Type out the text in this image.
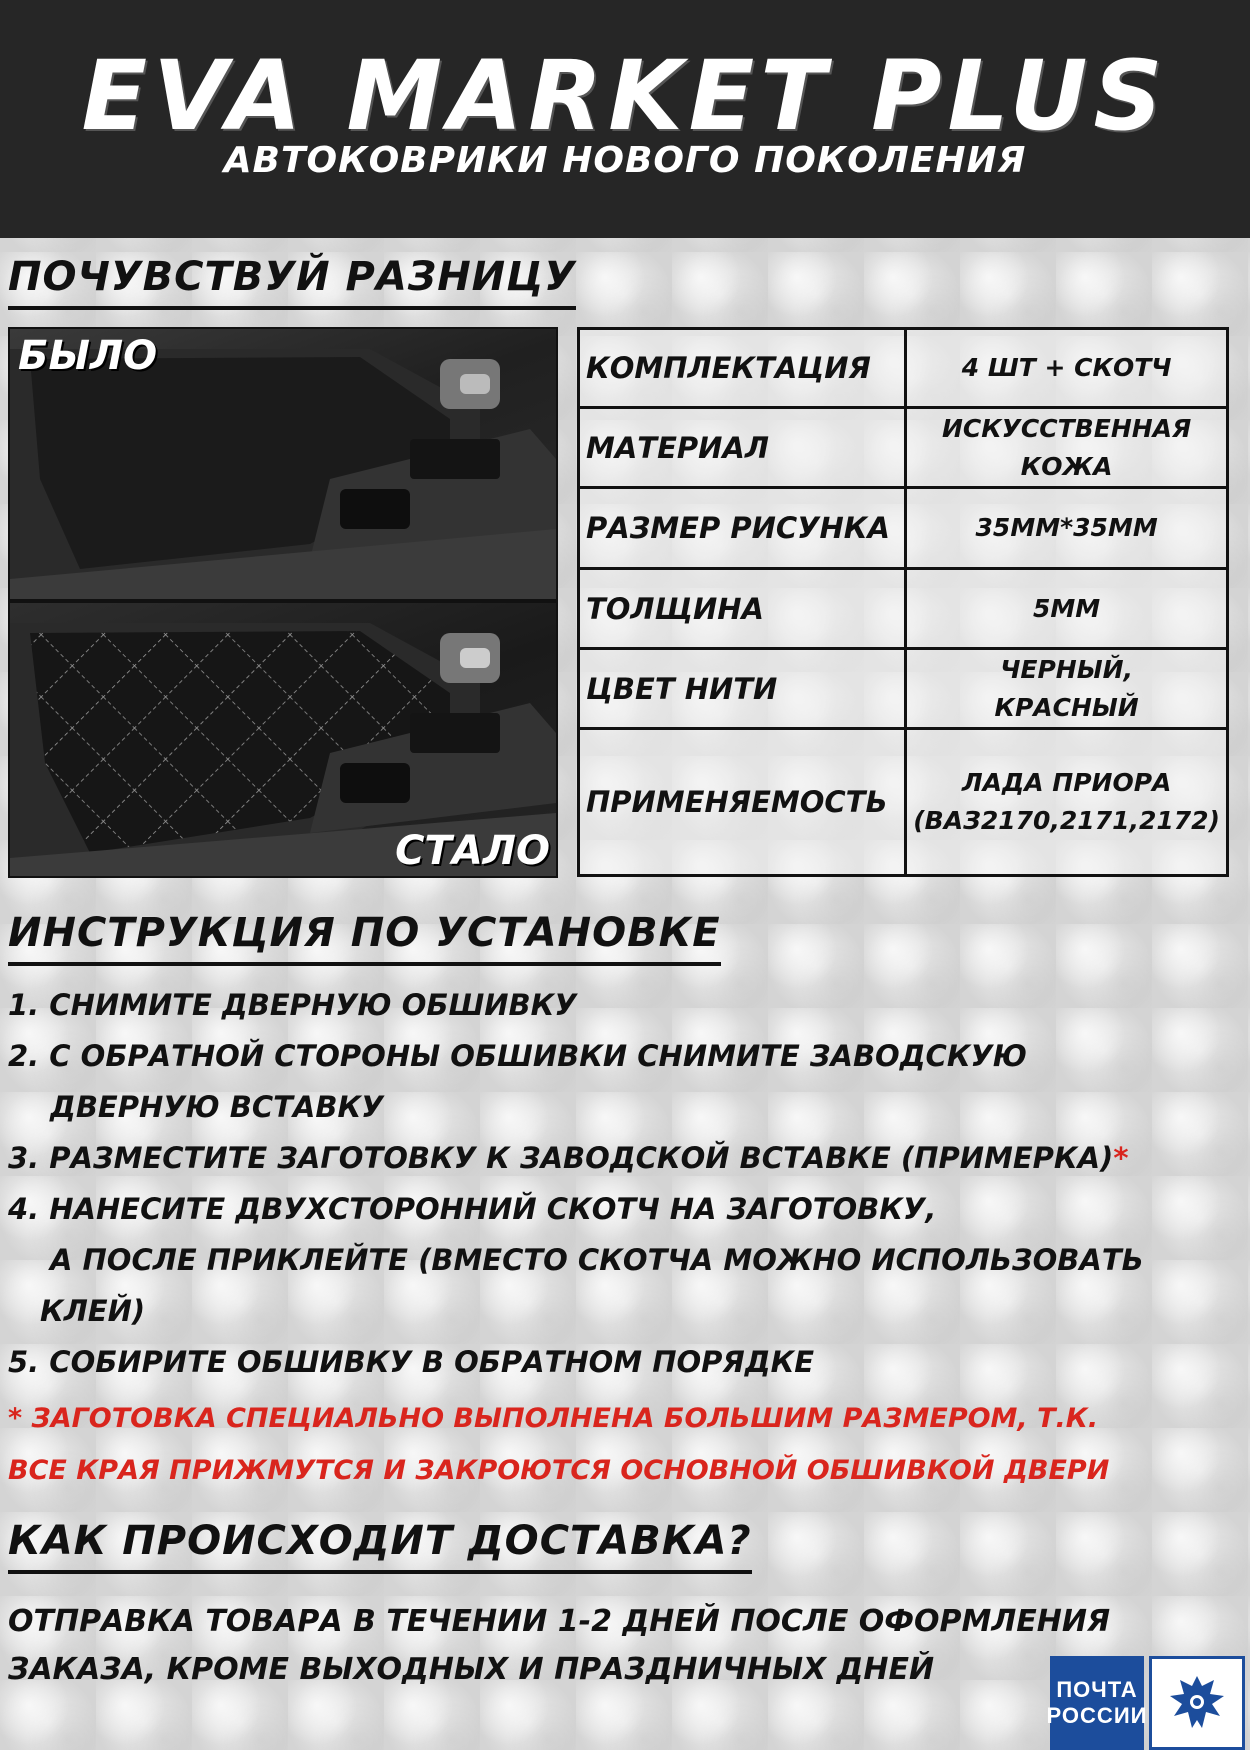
EVA MARKET PLUS
АВТОКОВРИКИ НОВОГО ПОКОЛЕНИЯ
ПОЧУВСТВУЙ РАЗНИЦУ
БЫЛО
СТАЛО
КОМПЛЕКТАЦИЯ	4 ШТ + СКОТЧ
МАТЕРИАЛ	ИСКУССТВЕННАЯ
КОЖА
РАЗМЕР РИСУНКА	35ММ*35ММ
ТОЛЩИНА	5ММ
ЦВЕТ НИТИ	ЧЕРНЫЙ,
КРАСНЫЙ
ПРИМЕНЯЕМОСТЬ	ЛАДА ПРИОРА
(ВАЗ2170,2171,2172)
ИНСТРУКЦИЯ ПО УСТАНОВКЕ
1. СНИМИТЕ ДВЕРНУЮ ОБШИВКУ
2. С ОБРАТНОЙ СТОРОНЫ ОБШИВКИ СНИМИТЕ ЗАВОДСКУЮ
ДВЕРНУЮ ВСТАВКУ
3. РАЗМЕСТИТЕ ЗАГОТОВКУ К ЗАВОДСКОЙ ВСТАВКЕ (ПРИМЕРКА)*
4. НАНЕСИТЕ ДВУХСТОРОННИЙ СКОТЧ НА ЗАГОТОВКУ,
А ПОСЛЕ ПРИКЛЕЙТЕ (ВМЕСТО СКОТЧА МОЖНО ИСПОЛЬЗОВАТЬ
КЛЕЙ)
5. СОБИРИТЕ ОБШИВКУ В ОБРАТНОМ ПОРЯДКЕ
* ЗАГОТОВКА СПЕЦИАЛЬНО ВЫПОЛНЕНА БОЛЬШИМ РАЗМЕРОМ, Т.К.
ВСЕ КРАЯ ПРИЖМУТСЯ И ЗАКРОЮТСЯ ОСНОВНОЙ ОБШИВКОЙ ДВЕРИ
КАК ПРОИСХОДИТ ДОСТАВКА?
ОТПРАВКА ТОВАРА В ТЕЧЕНИИ 1-2 ДНЕЙ ПОСЛЕ ОФОРМЛЕНИЯ
ЗАКАЗА, КРОМЕ ВЫХОДНЫХ И ПРАЗДНИЧНЫХ ДНЕЙ
ПОЧТА
РОССИИ
